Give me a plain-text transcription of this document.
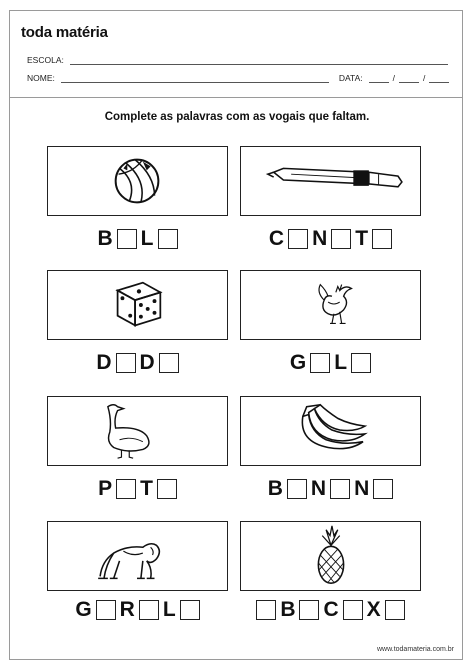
toda matéria
ESCOLA:
NOME:	DATA:	/	/
Complete as palavras com as vogais que faltam.
B L	C N T
D D	G L
P T	B N N
G R L	B C X
www.todamateria.com.br
